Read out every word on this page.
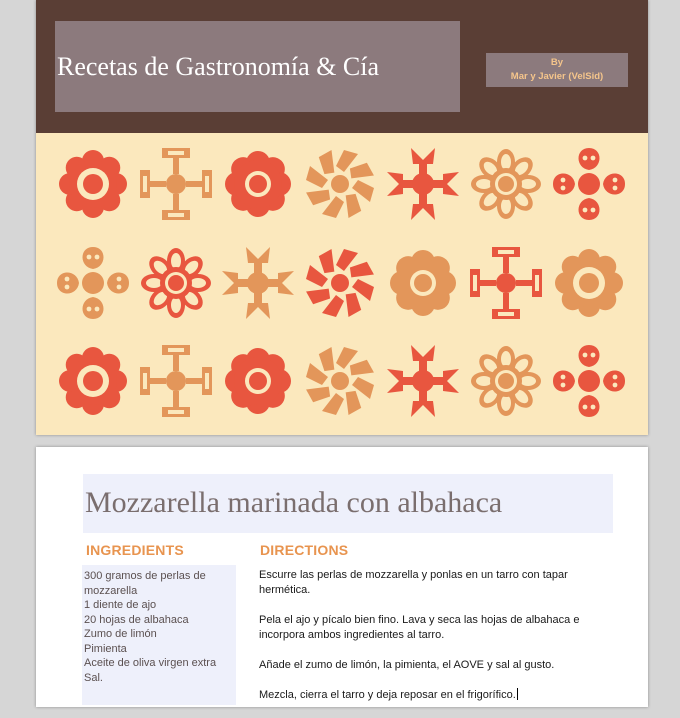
Recetas de Gastronomía & Cía	By
Mar y Javier (VelSid)
Mozzarella marinada con albahaca
INGREDIENTS	DIRECTIONS
300 gramos de perlas de mozzarella
1 diente de ajo
20 hojas de albahaca
Zumo de limón
Pimienta
Aceite de oliva virgen extra
Sal.

Escurre las perlas de mozzarella y ponlas en un tarro con tapar hermética.

Pela el ajo y pícalo bien fino. Lava y seca las hojas de albahaca e incorpora ambos ingredientes al tarro.

Añade el zumo de limón, la pimienta, el AOVE y sal al gusto.

Mezcla, cierra el tarro y deja reposar en el frigorífico.
